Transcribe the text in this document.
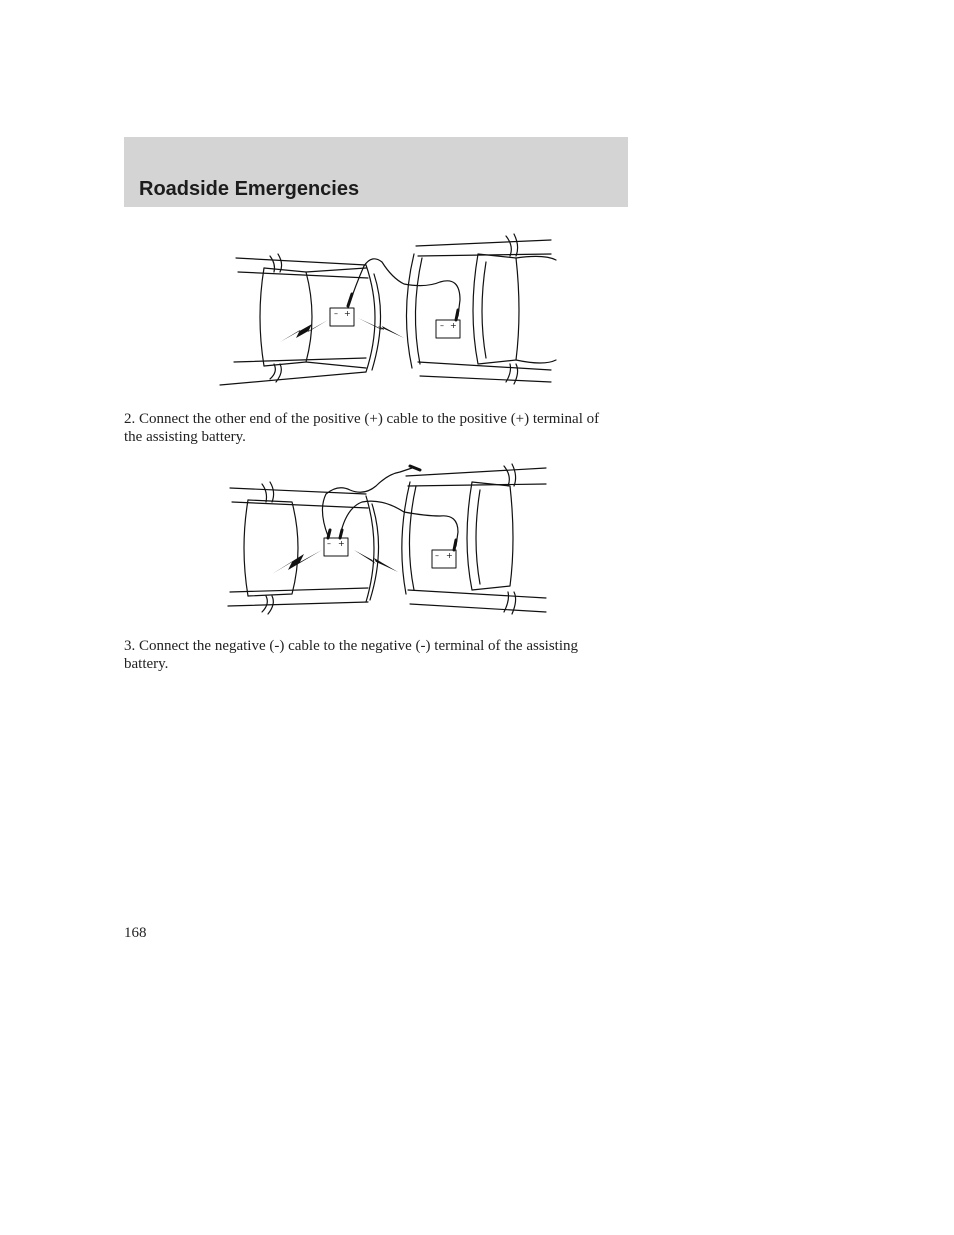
Roadside Emergencies
– +
– +

2. Connect the other end of the positive (+) cable to the positive (+) terminal of the assisting battery.

– +
– +

3. Connect the negative (-) cable to the negative (-) terminal of the assisting battery.

168
